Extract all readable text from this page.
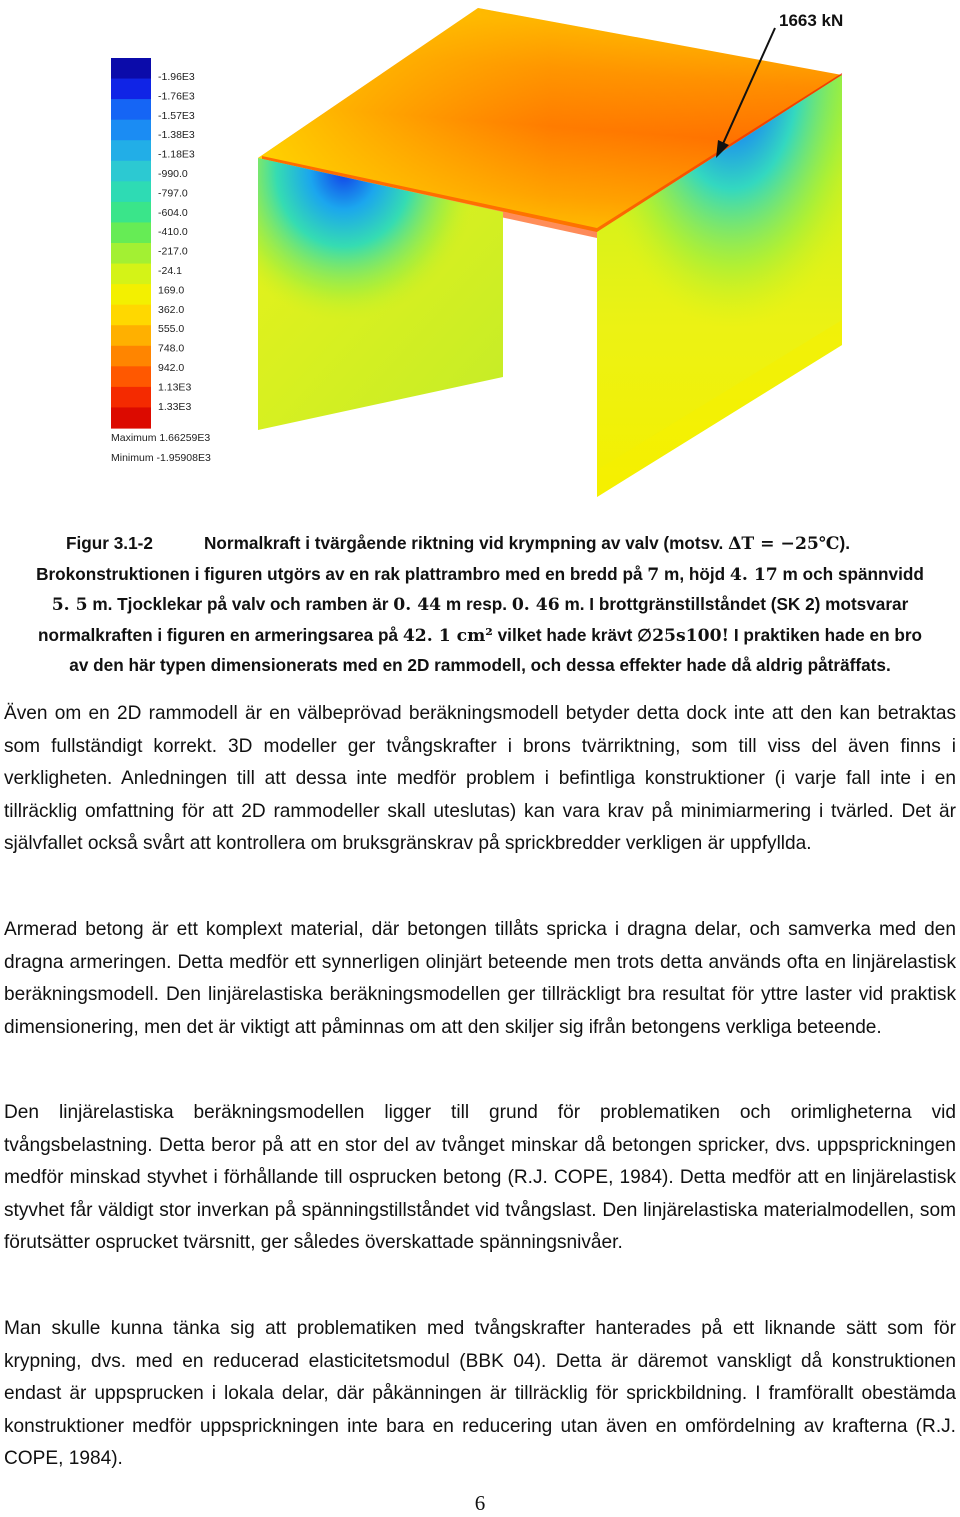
-1.96E3
-1.76E3
-1.57E3
-1.38E3
-1.18E3
-990.0
-797.0
-604.0
-410.0
-217.0
-24.1
169.0
362.0
555.0
748.0
942.0
1.13E3
1.33E3
Maximum 1.66259E3
Minimum -1.95908E3
1663 kN
Figur 3.1-2	Normalkraft i tvärgående riktning vid krympning av valv (motsv. ΔT = −25℃).
Brokonstruktionen i figuren utgörs av en rak plattrambro med en bredd på 7 m, höjd 4. 17 m och spännvidd
5. 5 m. Tjocklekar på valv och ramben är 0. 44 m resp. 0. 46 m. I brottgränstillståndet (SK 2) motsvarar
normalkraften i figuren en armeringsarea på 42. 1 cm² vilket hade krävt ∅25s100! I praktiken hade en bro
av den här typen dimensionerats med en 2D rammodell, och dessa effekter hade då aldrig påträffats.

Även om en 2D rammodell är en välbeprövad beräkningsmodell betyder detta dock inte att den kan betraktas som fullständigt korrekt. 3D modeller ger tvångskrafter i brons tvärriktning, som till viss del även finns i verkligheten. Anledningen till att dessa inte medför problem i befintliga konstruktioner (i varje fall inte i en tillräcklig omfattning för att 2D rammodeller skall uteslutas) kan vara krav på minimiarmering i tvärled. Det är självfallet också svårt att kontrollera om bruksgränskrav på sprickbredder verkligen är uppfyllda.

Armerad betong är ett komplext material, där betongen tillåts spricka i dragna delar, och samverka med den dragna armeringen. Detta medför ett synnerligen olinjärt beteende men trots detta används ofta en linjärelastisk beräkningsmodell. Den linjärelastiska beräkningsmodellen ger tillräckligt bra resultat för yttre laster vid praktisk dimensionering, men det är viktigt att påminnas om att den skiljer sig ifrån betongens verkliga beteende.

Den linjärelastiska beräkningsmodellen ligger till grund för problematiken och orimligheterna vid tvångsbelastning. Detta beror på att en stor del av tvånget minskar då betongen spricker, dvs. uppsprickningen medför minskad styvhet i förhållande till osprucken betong (R.J. COPE, 1984). Detta medför att en linjärelastisk styvhet får väldigt stor inverkan på spänningstillståndet vid tvångslast. Den linjärelastiska materialmodellen, som förutsätter osprucket tvärsnitt, ger således överskattade spänningsnivåer.

Man skulle kunna tänka sig att problematiken med tvångskrafter hanterades på ett liknande sätt som för krypning, dvs. med en reducerad elasticitetsmodul (BBK 04). Detta är däremot vanskligt då konstruktionen endast är uppsprucken i lokala delar, där påkänningen är tillräcklig för sprickbildning. I framförallt obestämda konstruktioner medför uppsprickningen inte bara en reducering utan även en omfördelning av krafterna (R.J. COPE, 1984).

6
